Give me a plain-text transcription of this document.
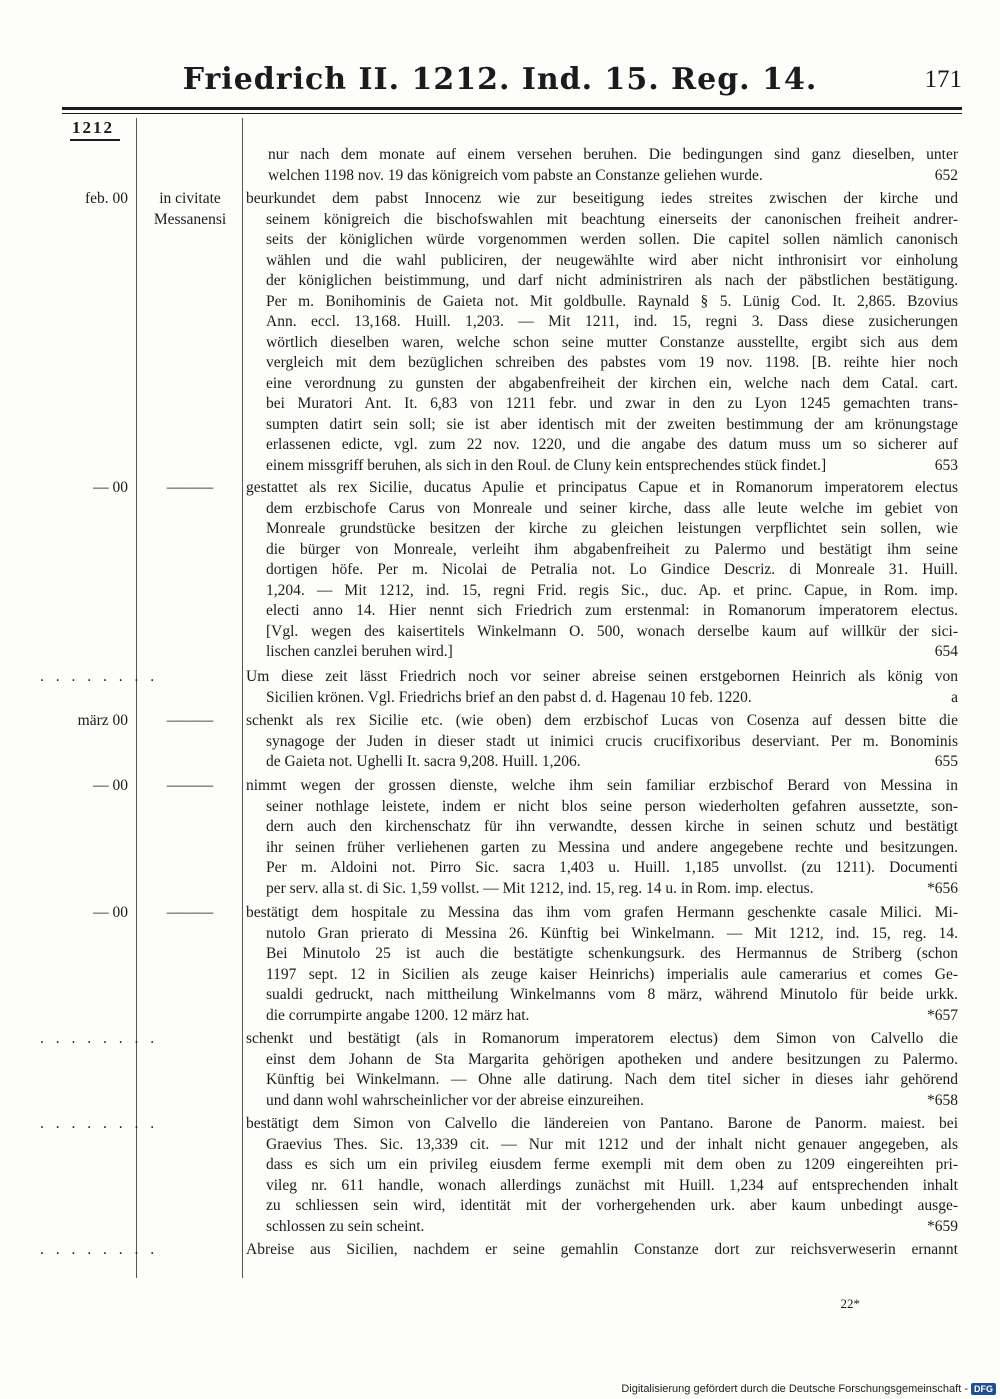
Friedrich II. 1212. Ind. 15. Reg. 14.	171
1212
nur nach dem monate auf einem versehen beruhen. Die bedingungen sind ganz dieselben, unter
welchen 1198 nov. 19 das königreich vom pabste an Constanze geliehen wurde.	652
feb. 00	in civitate
Messanensi
beurkundet dem pabst Innocenz wie zur beseitigung iedes streites zwischen der kirche und
seinem königreich die bischofswahlen mit beachtung einerseits der canonischen freiheit andrer-
seits der königlichen würde vorgenommen werden sollen. Die capitel sollen nämlich canonisch
wählen und die wahl publiciren, der neugewählte wird aber nicht inthronisirt vor einholung
der königlichen beistimmung, und darf nicht administriren als nach der päbstlichen bestätigung.
Per m. Bonihominis de Gaieta not. Mit goldbulle. Raynald § 5. Lünig Cod. It. 2,865. Bzovius
Ann. eccl. 13,168. Huill. 1,203. — Mit 1211, ind. 15, regni 3. Dass diese zusicherungen
wörtlich dieselben waren, welche schon seine mutter Constanze ausstellte, ergibt sich aus dem
vergleich mit dem bezüglichen schreiben des pabstes vom 19 nov. 1198. [B. reihte hier noch
eine verordnung zu gunsten der abgabenfreiheit der kirchen ein, welche nach dem Catal. cart.
bei Muratori Ant. It. 6,83 von 1211 febr. und zwar in den zu Lyon 1245 gemachten trans-
sumpten datirt sein soll; sie ist aber identisch mit der zweiten bestimmung der am krönungstage
erlassenen edicte, vgl. zum 22 nov. 1220, und die angabe des datum muss um so sicherer auf
einem missgriff beruhen, als sich in den Roul. de Cluny kein entsprechendes stück findet.]	653
— 00	———	gestattet als rex Sicilie, ducatus Apulie et principatus Capue et in Romanorum imperatorem electus
dem erzbischofe Carus von Monreale und seiner kirche, dass alle leute welche im gebiet von
Monreale grundstücke besitzen der kirche zu gleichen leistungen verpflichtet sein sollen, wie
die bürger von Monreale, verleiht ihm abgabenfreiheit zu Palermo und bestätigt ihm seine
dortigen höfe. Per m. Nicolai de Petralia not. Lo Gindice Descriz. di Monreale 31. Huill.
1,204. — Mit 1212, ind. 15, regni Frid. regis Sic., duc. Ap. et princ. Capue, in Rom. imp.
electi anno 14. Hier nennt sich Friedrich zum erstenmal: in Romanorum imperatorem electus.
[Vgl. wegen des kaisertitels Winkelmann O. 500, wonach derselbe kaum auf willkür der sici-
lischen canzlei beruhen wird.]	654
. . . . . . . .	Um diese zeit lässt Friedrich noch vor seiner abreise seinen erstgebornen Heinrich als könig von
Sicilien krönen. Vgl. Friedrichs brief an den pabst d. d. Hagenau 10 feb. 1220.	a
märz 00	———	schenkt als rex Sicilie etc. (wie oben) dem erzbischof Lucas von Cosenza auf dessen bitte die
synagoge der Juden in dieser stadt ut inimici crucis crucifixoribus deserviant. Per m. Bonominis
de Gaieta not. Ughelli It. sacra 9,208. Huill. 1,206.	655
— 00	———	nimmt wegen der grossen dienste, welche ihm sein familiar erzbischof Berard von Messina in
seiner nothlage leistete, indem er nicht blos seine person wiederholten gefahren aussetzte, son-
dern auch den kirchenschatz für ihn verwandte, dessen kirche in seinen schutz und bestätigt
ihr seinen früher verliehenen garten zu Messina und andere angegebene rechte und besitzungen.
Per m. Aldoini not. Pirro Sic. sacra 1,403 u. Huill. 1,185 unvollst. (zu 1211). Documenti
per serv. alla st. di Sic. 1,59 vollst. — Mit 1212, ind. 15, reg. 14 u. in Rom. imp. electus.	*656
— 00	———	bestätigt dem hospitale zu Messina das ihm vom grafen Hermann geschenkte casale Milici. Mi-
nutolo Gran prierato di Messina 26. Künftig bei Winkelmann. — Mit 1212, ind. 15, reg. 14.
Bei Minutolo 25 ist auch die bestätigte schenkungsurk. des Hermannus de Striberg (schon
1197 sept. 12 in Sicilien als zeuge kaiser Heinrichs) imperialis aule camerarius et comes Ge-
sualdi gedruckt, nach mittheilung Winkelmanns vom 8 märz, während Minutolo für beide urkk.
die corrumpirte angabe 1200. 12 märz hat.	*657
. . . . . . . .	schenkt und bestätigt (als in Romanorum imperatorem electus) dem Simon von Calvello die
einst dem Johann de Sta Margarita gehörigen apotheken und andere besitzungen zu Palermo.
Künftig bei Winkelmann. — Ohne alle datirung. Nach dem titel sicher in dieses iahr gehörend
und dann wohl wahrscheinlicher vor der abreise einzureihen.	*658
. . . . . . . .	bestätigt dem Simon von Calvello die ländereien von Pantano. Barone de Panorm. maiest. bei
Graevius Thes. Sic. 13,339 cit. — Nur mit 1212 und der inhalt nicht genauer angegeben, als
dass es sich um ein privileg eiusdem ferme exempli mit dem oben zu 1209 eingereihten pri-
vileg nr. 611 handle, wonach allerdings zunächst mit Huill. 1,234 auf entsprechenden inhalt
zu schliessen sein wird, identität mit der vorhergehenden urk. aber kaum unbedingt ausge-
schlossen zu sein scheint.	*659
. . . . . . . .	Abreise aus Sicilien, nachdem er seine gemahlin Constanze dort zur reichsverweserin ernannt
22*
Digitalisierung gefördert durch die Deutsche Forschungsgemeinschaft - DFG
